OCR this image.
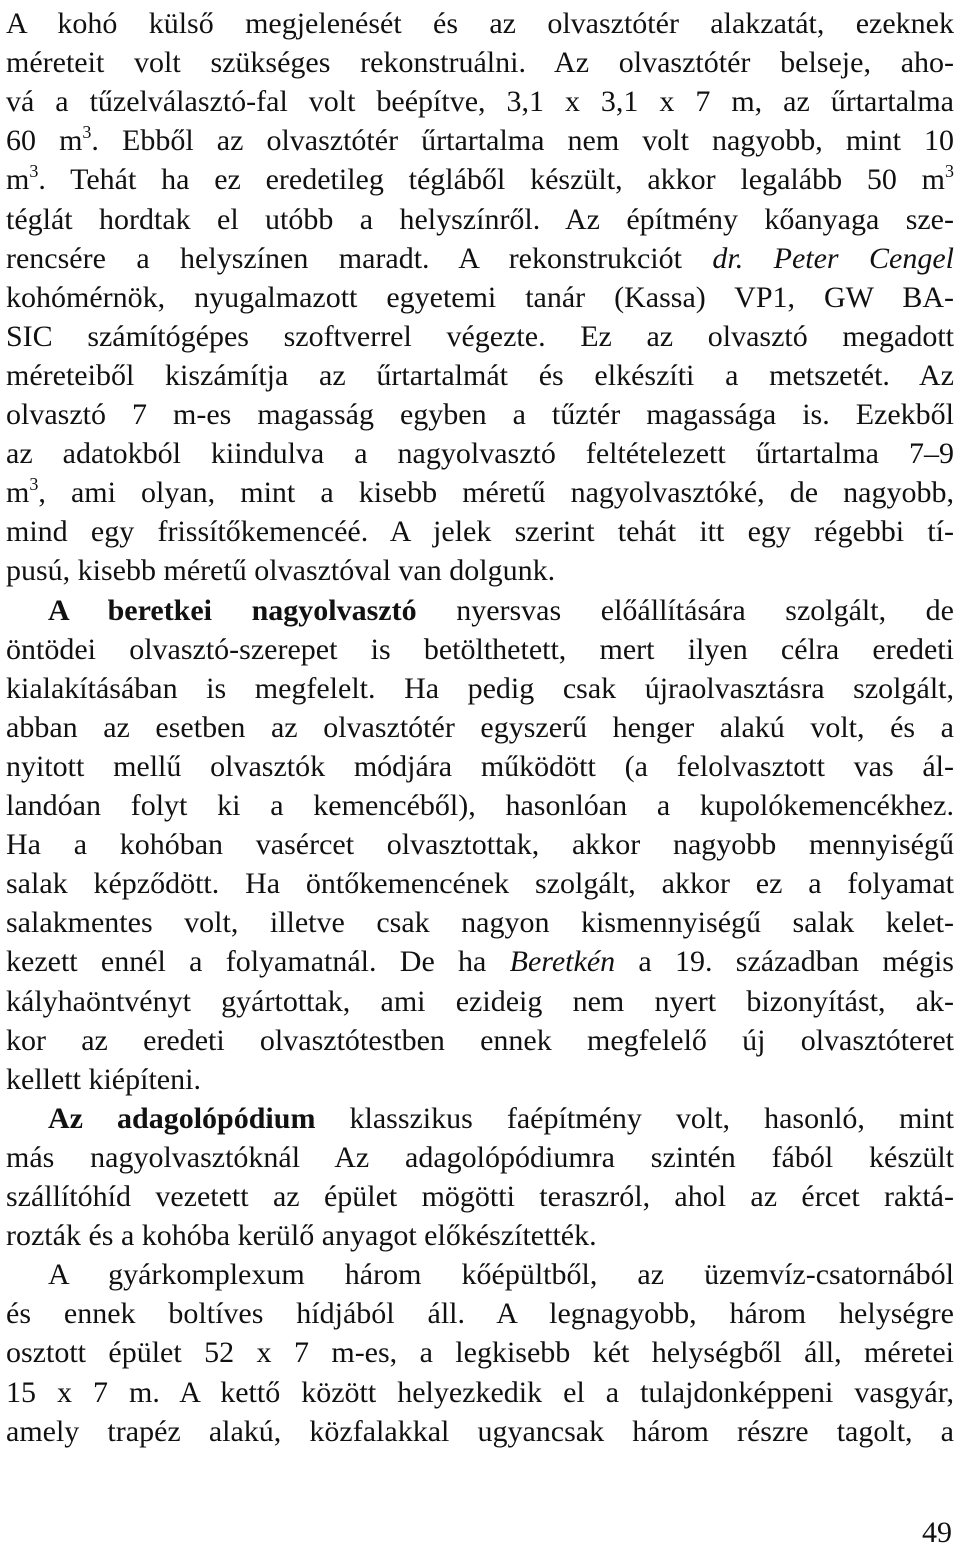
A kohó külső megjelenését és az olvasztótér alakzatát, ezeknek
méreteit volt szükséges rekonstruálni. Az olvasztótér belseje, aho-
vá a tűzelválasztó-fal volt beépítve, 3,1 x 3,1 x 7 m, az űrtartalma
60 $m^3$. Ebből az olvasztótér űrtartalma nem volt nagyobb, mint 10
$m^3$. Tehát ha ez eredetileg tégláből készült, akkor legalább 50 $m^3$
téglát hordtak el utóbb a helyszínről. Az építmény kőanyaga sze-
rencsére a helyszínen maradt. A rekonstrukciót dr. Peter Cengel
kohómérnök, nyugalmazott egyetemi tanár (Kassa) VP1, GW BA-
SIC számítógépes szoftverrel végezte. Ez az olvasztó megadott
méreteiből kiszámítja az űrtartalmát és elkészíti a metszetét. Az
olvasztó 7 m-es magasság egyben a tűztér magassága is. Ezekből
az adatokból kiindulva a nagyolvasztó feltételezett űrtartalma 7–9
$m^3$, ami olyan, mint a kisebb méretű nagyolvasztóké, de nagyobb,
mind egy frissítőkemencéé. A jelek szerint tehát itt egy régebbi tí-
pusú, kisebb méretű olvasztóval van dolgunk.
A beretkei nagyolvasztó nyersvas előállítására szolgált, de
öntödei olvasztó-szerepet is betölthetett, mert ilyen célra eredeti
kialakításában is megfelelt. Ha pedig csak újraolvasztásra szolgált,
abban az esetben az olvasztótér egyszerű henger alakú volt, és a
nyitott mellű olvasztók módjára működött (a felolvasztott vas ál-
landóan folyt ki a kemencéből), hasonlóan a kupolókemencékhez.
Ha a kohóban vasércet olvasztottak, akkor nagyobb mennyiségű
salak képződött. Ha öntőkemencének szolgált, akkor ez a folyamat
salakmentes volt, illetve csak nagyon kismennyiségű salak kelet-
kezett ennél a folyamatnál. De ha Beretkén a 19. században mégis
kályhaöntvényt gyártottak, ami ezideig nem nyert bizonyítást, ak-
kor az eredeti olvasztótestben ennek megfelelő új olvasztóteret
kellett kiépíteni.
Az adagolópódium klasszikus faépítmény volt, hasonló, mint
más nagyolvasztóknál Az adagolópódiumra szintén fából készült
szállítóhíd vezetett az épület mögötti teraszról, ahol az ércet raktá-
rozták és a kohóba kerülő anyagot előkészítették.
A gyárkomplexum három kőépültből, az üzemvíz-csatornából
és ennek boltíves hídjából áll. A legnagyobb, három helységre
osztott épület 52 x 7 m-es, a legkisebb két helységből áll, méretei
15 x 7 m. A kettő között helyezkedik el a tulajdonképpeni vasgyár,
amely trapéz alakú, közfalakkal ugyancsak három részre tagolt, a
49
